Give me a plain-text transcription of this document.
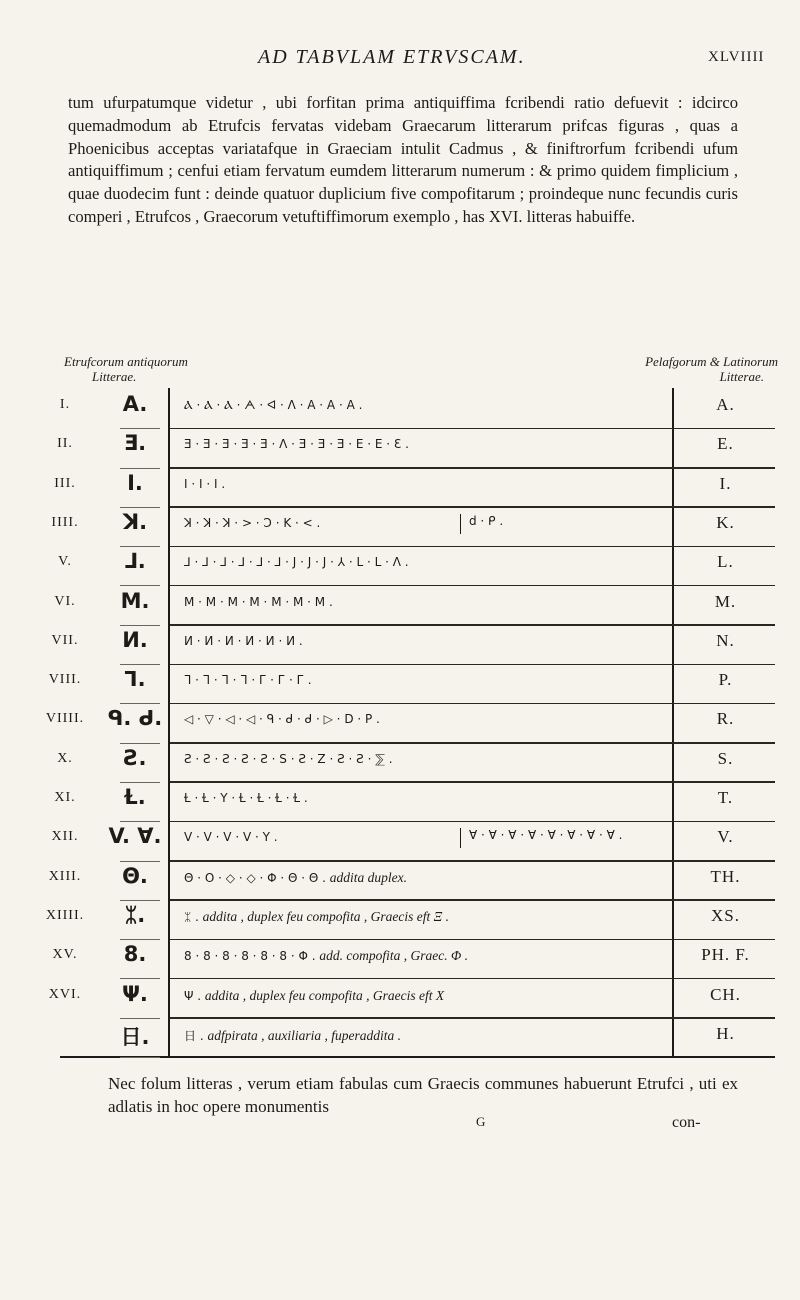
AD TABVLAM ETRVSCAM.	XLVIIII

tum ufurpatumque videtur , ubi forfitan prima antiquiffima fcribendi ratio defuevit : idcirco quemadmodum ab Etrufcis fervatas videbam Graecarum litterarum prifcas figuras , quas a Phoenicibus acceptas variatafque in Graeciam intulit Cadmus , & finiftrorfum fcribendi ufum antiquiffimum ; cenfui etiam fervatum eumdem litterarum numerum : & primo quidem fimplicium , quae duodecim funt : deinde quatuor duplicium five compofitarum ; proindeque nunc fecundis curis comperi , Etrufcos , Graecorum vetuftiffimorum exemplo , has XVI. litteras habuiffe.

Etrufcorum antiquorum
Litterae.
Pelafgorum & Latinorum
Litterae.
I.	A.	Ⲁ · Ⲁ · Ⲁ · ᗅ · ᐊ · Λ · A · A · A .	A.
II.	Ǝ.	Ǝ · Ǝ · Ǝ · Ǝ · Ǝ · ⴷ · Ǝ · Ǝ · Ǝ · E · E · Ɛ .	E.
III.	I.	I · I · I .	I.
IIII.	ꓘ.	ꓘ · ꓘ · ꓘ · > · Ↄ · K · < .	d · ᑭ .	K.
V.	⅃.	⅃ · ⅃ · ⅃ · ⅃ · ⅃ · ⅃ · J · J · J · ⅄ · L · L · Λ .	L.
VI.	M.	M · M · M · M · M · M · M .	M.
VII.	И.	И · И · И · И · И · И .	N.
VIII.	ᒣ.	ᒣ · ᒣ · ᒣ · ᒣ · Г · Г · Г .	P.
VIIII.	ᑫ. ᑯ.	◁ · ▽ · ◁ · ◁ · ᑫ · ᑯ · ᑯ · ▷ · D · P .	R.
X.	Ƨ.	Ƨ · Ƨ · Ƨ · Ƨ · Ƨ · S · Ƨ · Z · Ƨ · Ƨ · ⅀ .	S.
XI.	Ɫ.	Ɫ · Ɫ · Y · Ɫ · Ɫ · Ɫ · Ɫ .	T.
XII.	V. Ɐ.	V · V · V · V · Y .	Ɐ · Ɐ · Ɐ · Ɐ · Ɐ · Ɐ · Ɐ · Ɐ .	V.
XIII.	Θ.	Θ · O · ◇ · ◇ · Φ · Θ · Θ . addita duplex.	TH.
XIIII.	ᛯ.	ᛯ . addita , duplex feu compofita , Graecis eft Ξ .	XS.
XV.	8.	8 · 8 · 8 · 8 · 8 · 8 · Φ . add. compofita , Graec. Φ .	PH. F.
XVI.	Ψ.	Ψ . addita , duplex feu compofita , Graecis eft X	CH.
日.	日 . adfpirata , auxiliaria , fuperaddita .	H.

Nec folum litteras , verum etiam fabulas cum Graecis communes habuerunt Etrufci , uti ex adlatis in hoc opere monumentis

G	con-
